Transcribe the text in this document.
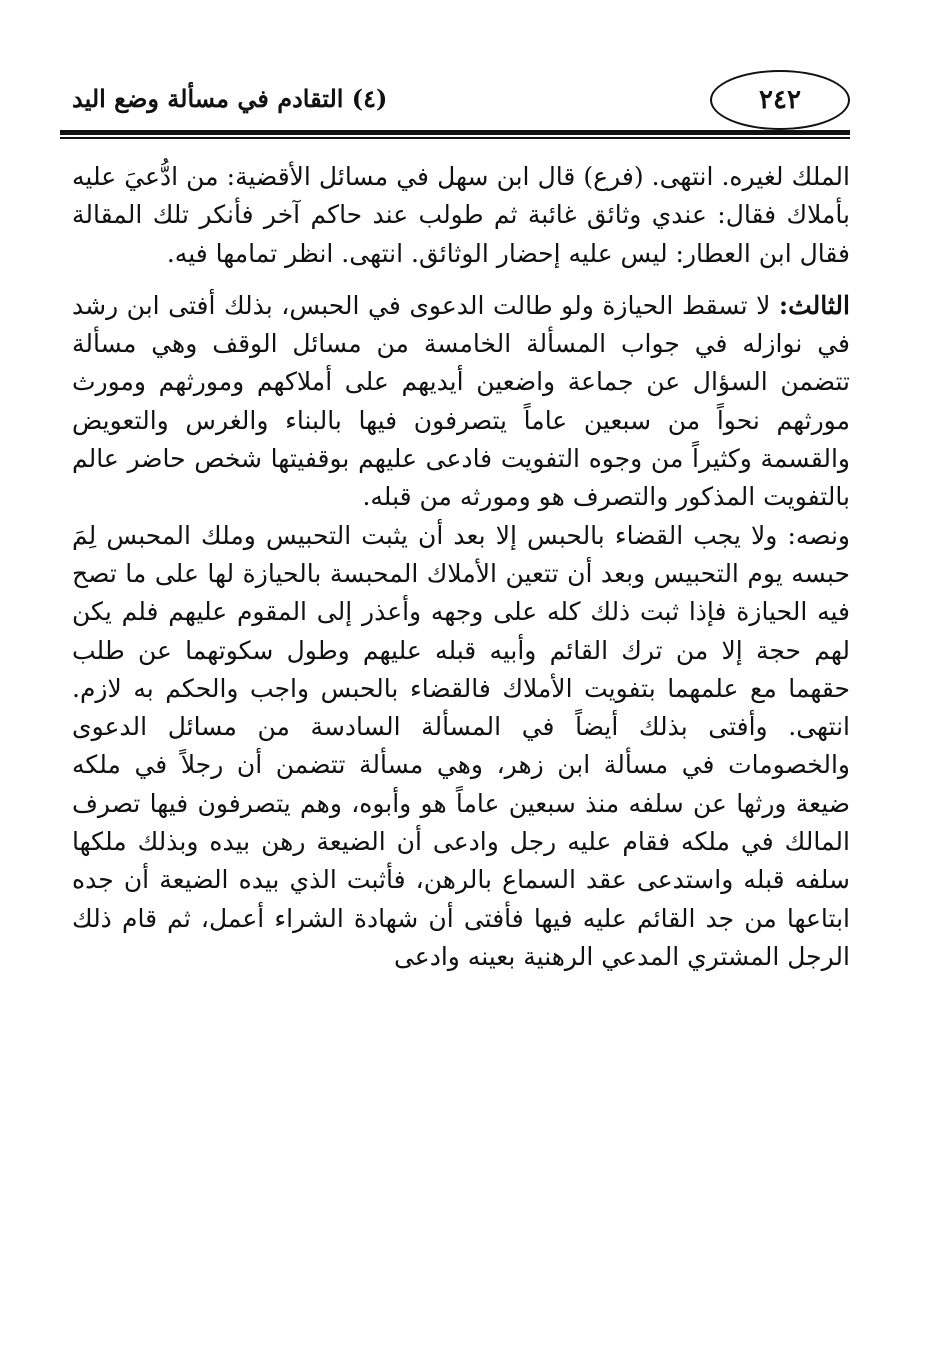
٢٤٢
(٤) التقادم في مسألة وضع اليد

الملك لغيره. انتهى. (فرع) قال ابن سهل في مسائل الأقضية: من ادُّعيَ عليه بأملاك فقال: عندي وثائق غائبة ثم طولب عند حاكم آخر فأنكر تلك المقالة فقال ابن العطار: ليس عليه إحضار الوثائق. انتهى. انظر تمامها فيه.

الثالث: لا تسقط الحيازة ولو طالت الدعوى في الحبس، بذلك أفتى ابن رشد في نوازله في جواب المسألة الخامسة من مسائل الوقف وهي مسألة تتضمن السؤال عن جماعة واضعين أيديهم على أملاكهم ومورثهم ومورث مورثهم نحواً من سبعين عاماً يتصرفون فيها بالبناء والغرس والتعويض والقسمة وكثيراً من وجوه التفويت فادعى عليهم بوقفيتها شخص حاضر عالم بالتفويت المذكور والتصرف هو ومورثه من قبله.

ونصه: ولا يجب القضاء بالحبس إلا بعد أن يثبت التحبيس وملك المحبس لِمَ حبسه يوم التحبيس وبعد أن تتعين الأملاك المحبسة بالحيازة لها على ما تصح فيه الحيازة فإذا ثبت ذلك كله على وجهه وأعذر إلى المقوم عليهم فلم يكن لهم حجة إلا من ترك القائم وأبيه قبله عليهم وطول سكوتهما عن طلب حقهما مع علمهما بتفويت الأملاك فالقضاء بالحبس واجب والحكم به لازم. انتهى. وأفتى بذلك أيضاً في المسألة السادسة من مسائل الدعوى والخصومات في مسألة ابن زهر، وهي مسألة تتضمن أن رجلاً في ملكه ضيعة ورثها عن سلفه منذ سبعين عاماً هو وأبوه، وهم يتصرفون فيها تصرف المالك في ملكه فقام عليه رجل وادعى أن الضيعة رهن بيده وبذلك ملكها سلفه قبله واستدعى عقد السماع بالرهن، فأثبت الذي بيده الضيعة أن جده ابتاعها من جد القائم عليه فيها فأفتى أن شهادة الشراء أعمل، ثم قام ذلك الرجل المشتري المدعي الرهنية بعينه وادعى
